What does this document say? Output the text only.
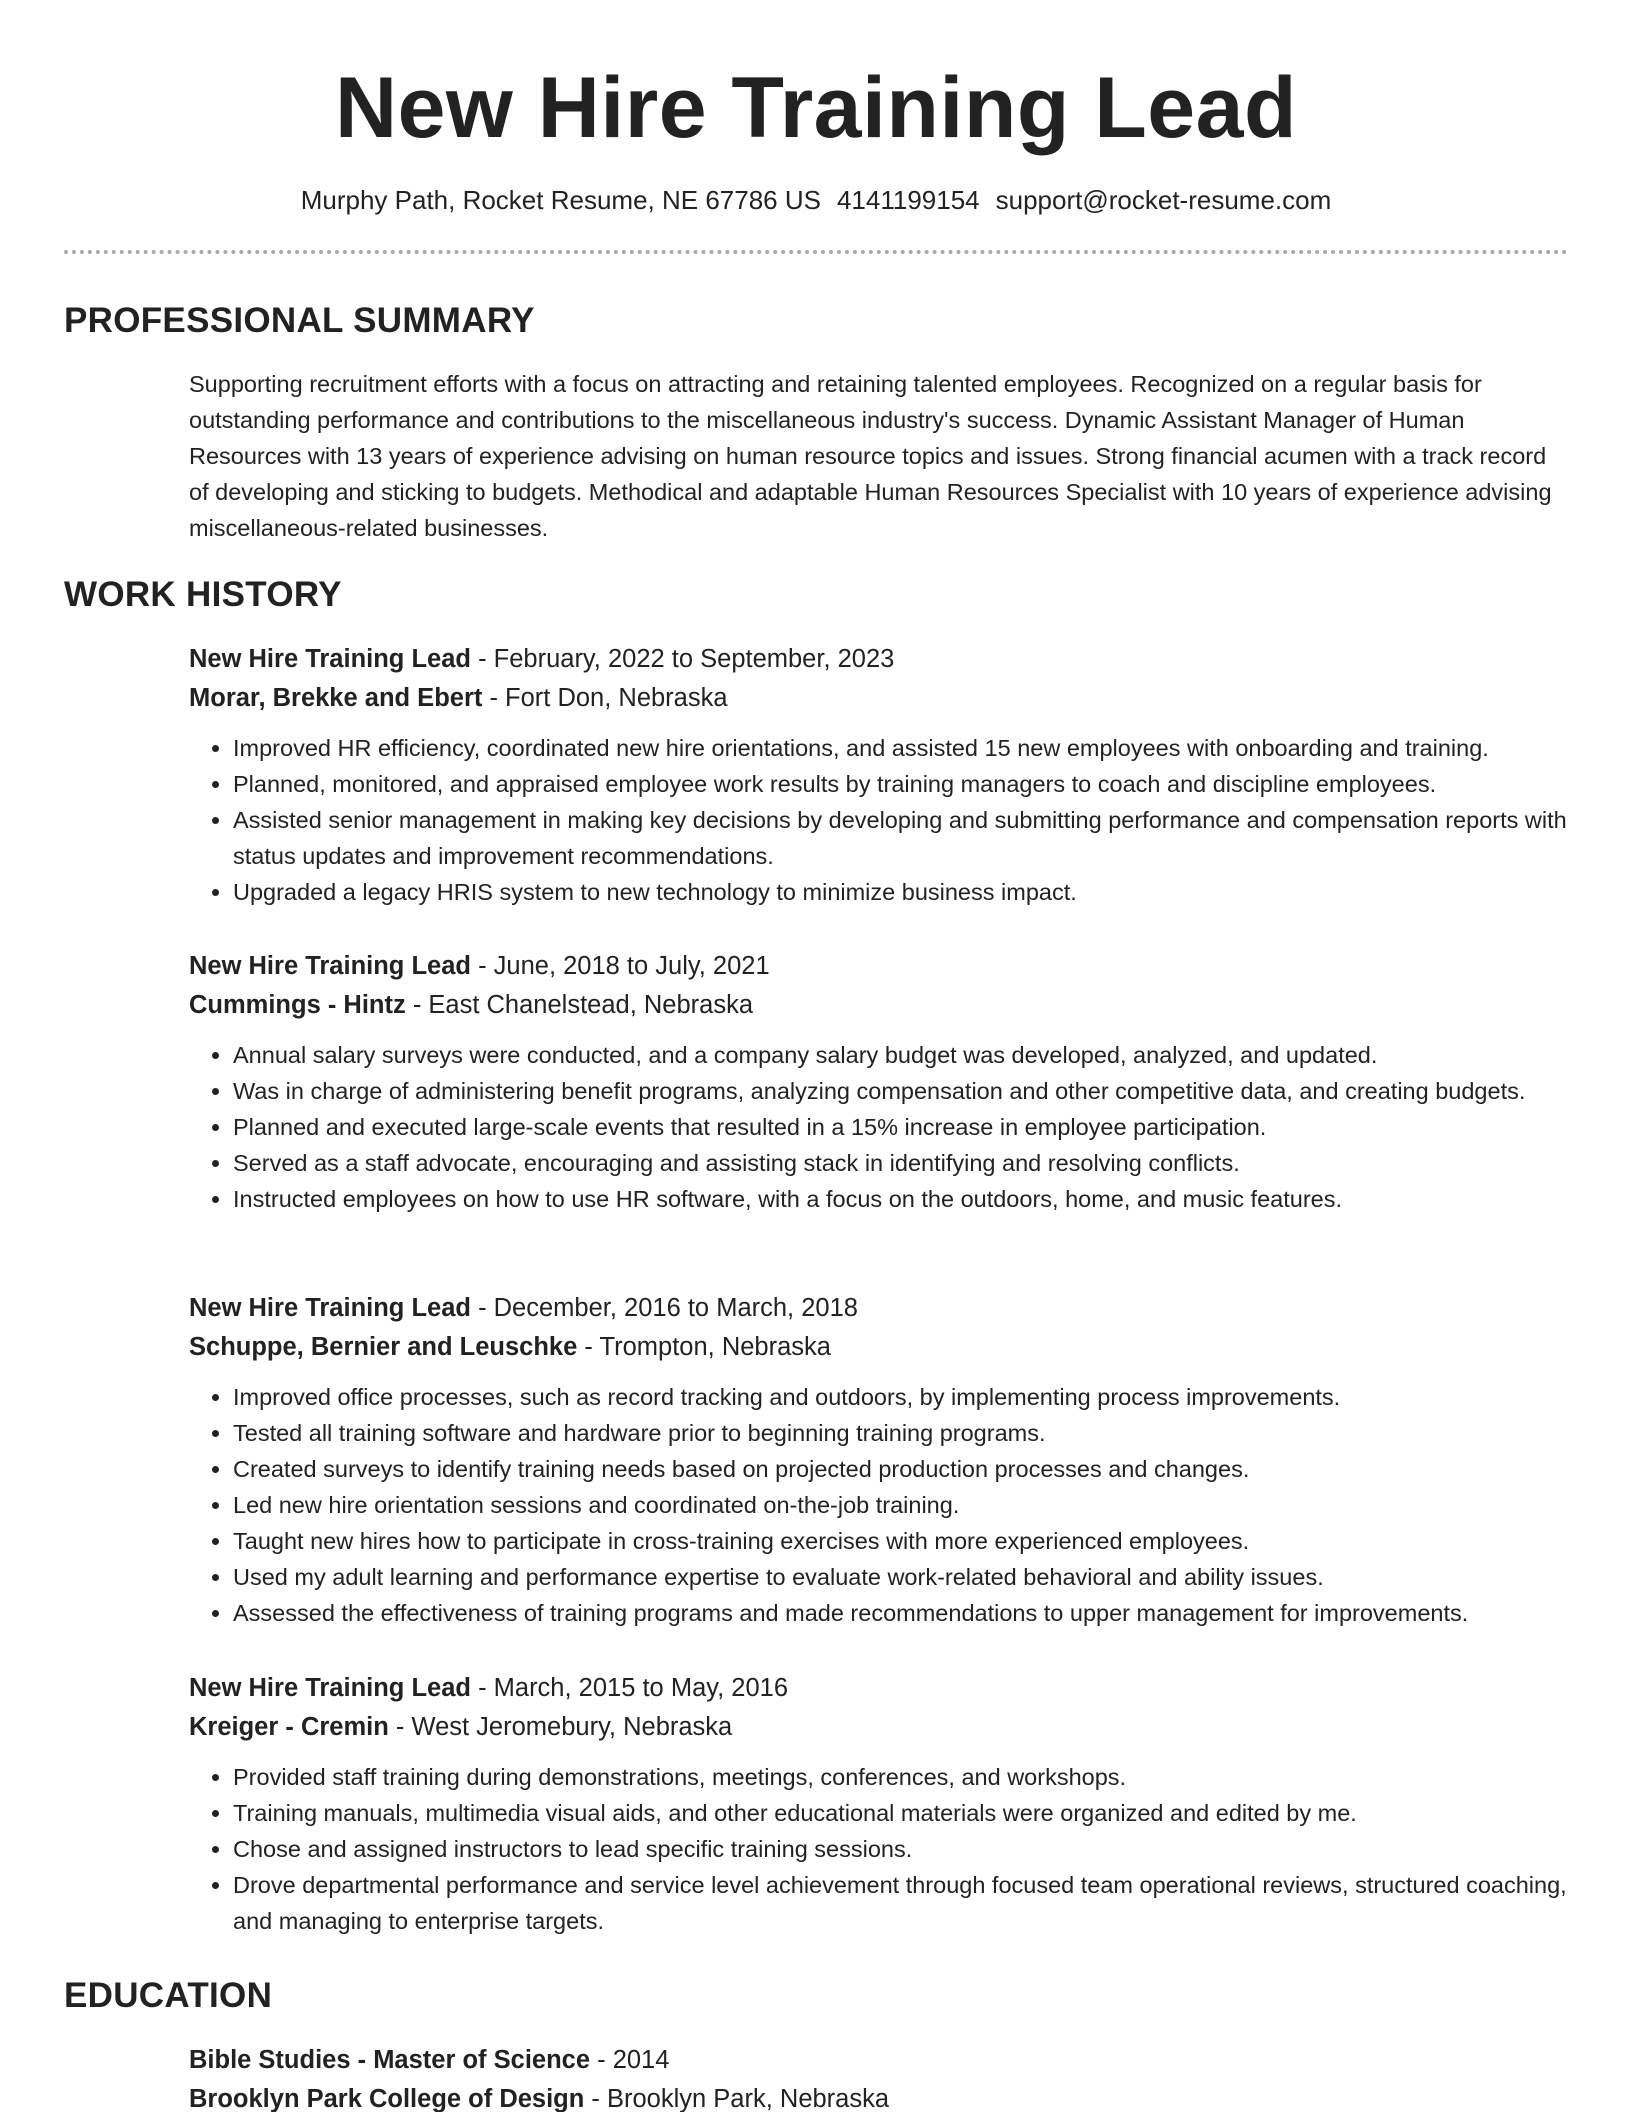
New Hire Training Lead
Murphy Path, Rocket Resume, NE 67786 US 4141199154 support@rocket-resume.com
PROFESSIONAL SUMMARY

Supporting recruitment efforts with a focus on attracting and retaining talented employees. Recognized on a regular basis for outstanding performance and contributions to the miscellaneous industry's success. Dynamic Assistant Manager of Human Resources with 13 years of experience advising on human resource topics and issues. Strong financial acumen with a track record of developing and sticking to budgets. Methodical and adaptable Human Resources Specialist with 10 years of experience advising miscellaneous-related businesses.

WORK HISTORY
New Hire Training Lead - February, 2022 to September, 2023
Morar, Brekke and Ebert - Fort Don, Nebraska
• Improved HR efficiency, coordinated new hire orientations, and assisted 15 new employees with onboarding and training.
• Planned, monitored, and appraised employee work results by training managers to coach and discipline employees.
• Assisted senior management in making key decisions by developing and submitting performance and compensation reports with status updates and improvement recommendations.
• Upgraded a legacy HRIS system to new technology to minimize business impact.
New Hire Training Lead - June, 2018 to July, 2021
Cummings - Hintz - East Chanelstead, Nebraska
• Annual salary surveys were conducted, and a company salary budget was developed, analyzed, and updated.
• Was in charge of administering benefit programs, analyzing compensation and other competitive data, and creating budgets.
• Planned and executed large-scale events that resulted in a 15% increase in employee participation.
• Served as a staff advocate, encouraging and assisting stack in identifying and resolving conflicts.
• Instructed employees on how to use HR software, with a focus on the outdoors, home, and music features.
New Hire Training Lead - December, 2016 to March, 2018
Schuppe, Bernier and Leuschke - Trompton, Nebraska
• Improved office processes, such as record tracking and outdoors, by implementing process improvements.
• Tested all training software and hardware prior to beginning training programs.
• Created surveys to identify training needs based on projected production processes and changes.
• Led new hire orientation sessions and coordinated on-the-job training.
• Taught new hires how to participate in cross-training exercises with more experienced employees.
• Used my adult learning and performance expertise to evaluate work-related behavioral and ability issues.
• Assessed the effectiveness of training programs and made recommendations to upper management for improvements.
New Hire Training Lead - March, 2015 to May, 2016
Kreiger - Cremin - West Jeromebury, Nebraska
• Provided staff training during demonstrations, meetings, conferences, and workshops.
• Training manuals, multimedia visual aids, and other educational materials were organized and edited by me.
• Chose and assigned instructors to lead specific training sessions.
• Drove departmental performance and service level achievement through focused team operational reviews, structured coaching, and managing to enterprise targets.
EDUCATION
Bible Studies - Master of Science - 2014
Brooklyn Park College of Design - Brooklyn Park, Nebraska
